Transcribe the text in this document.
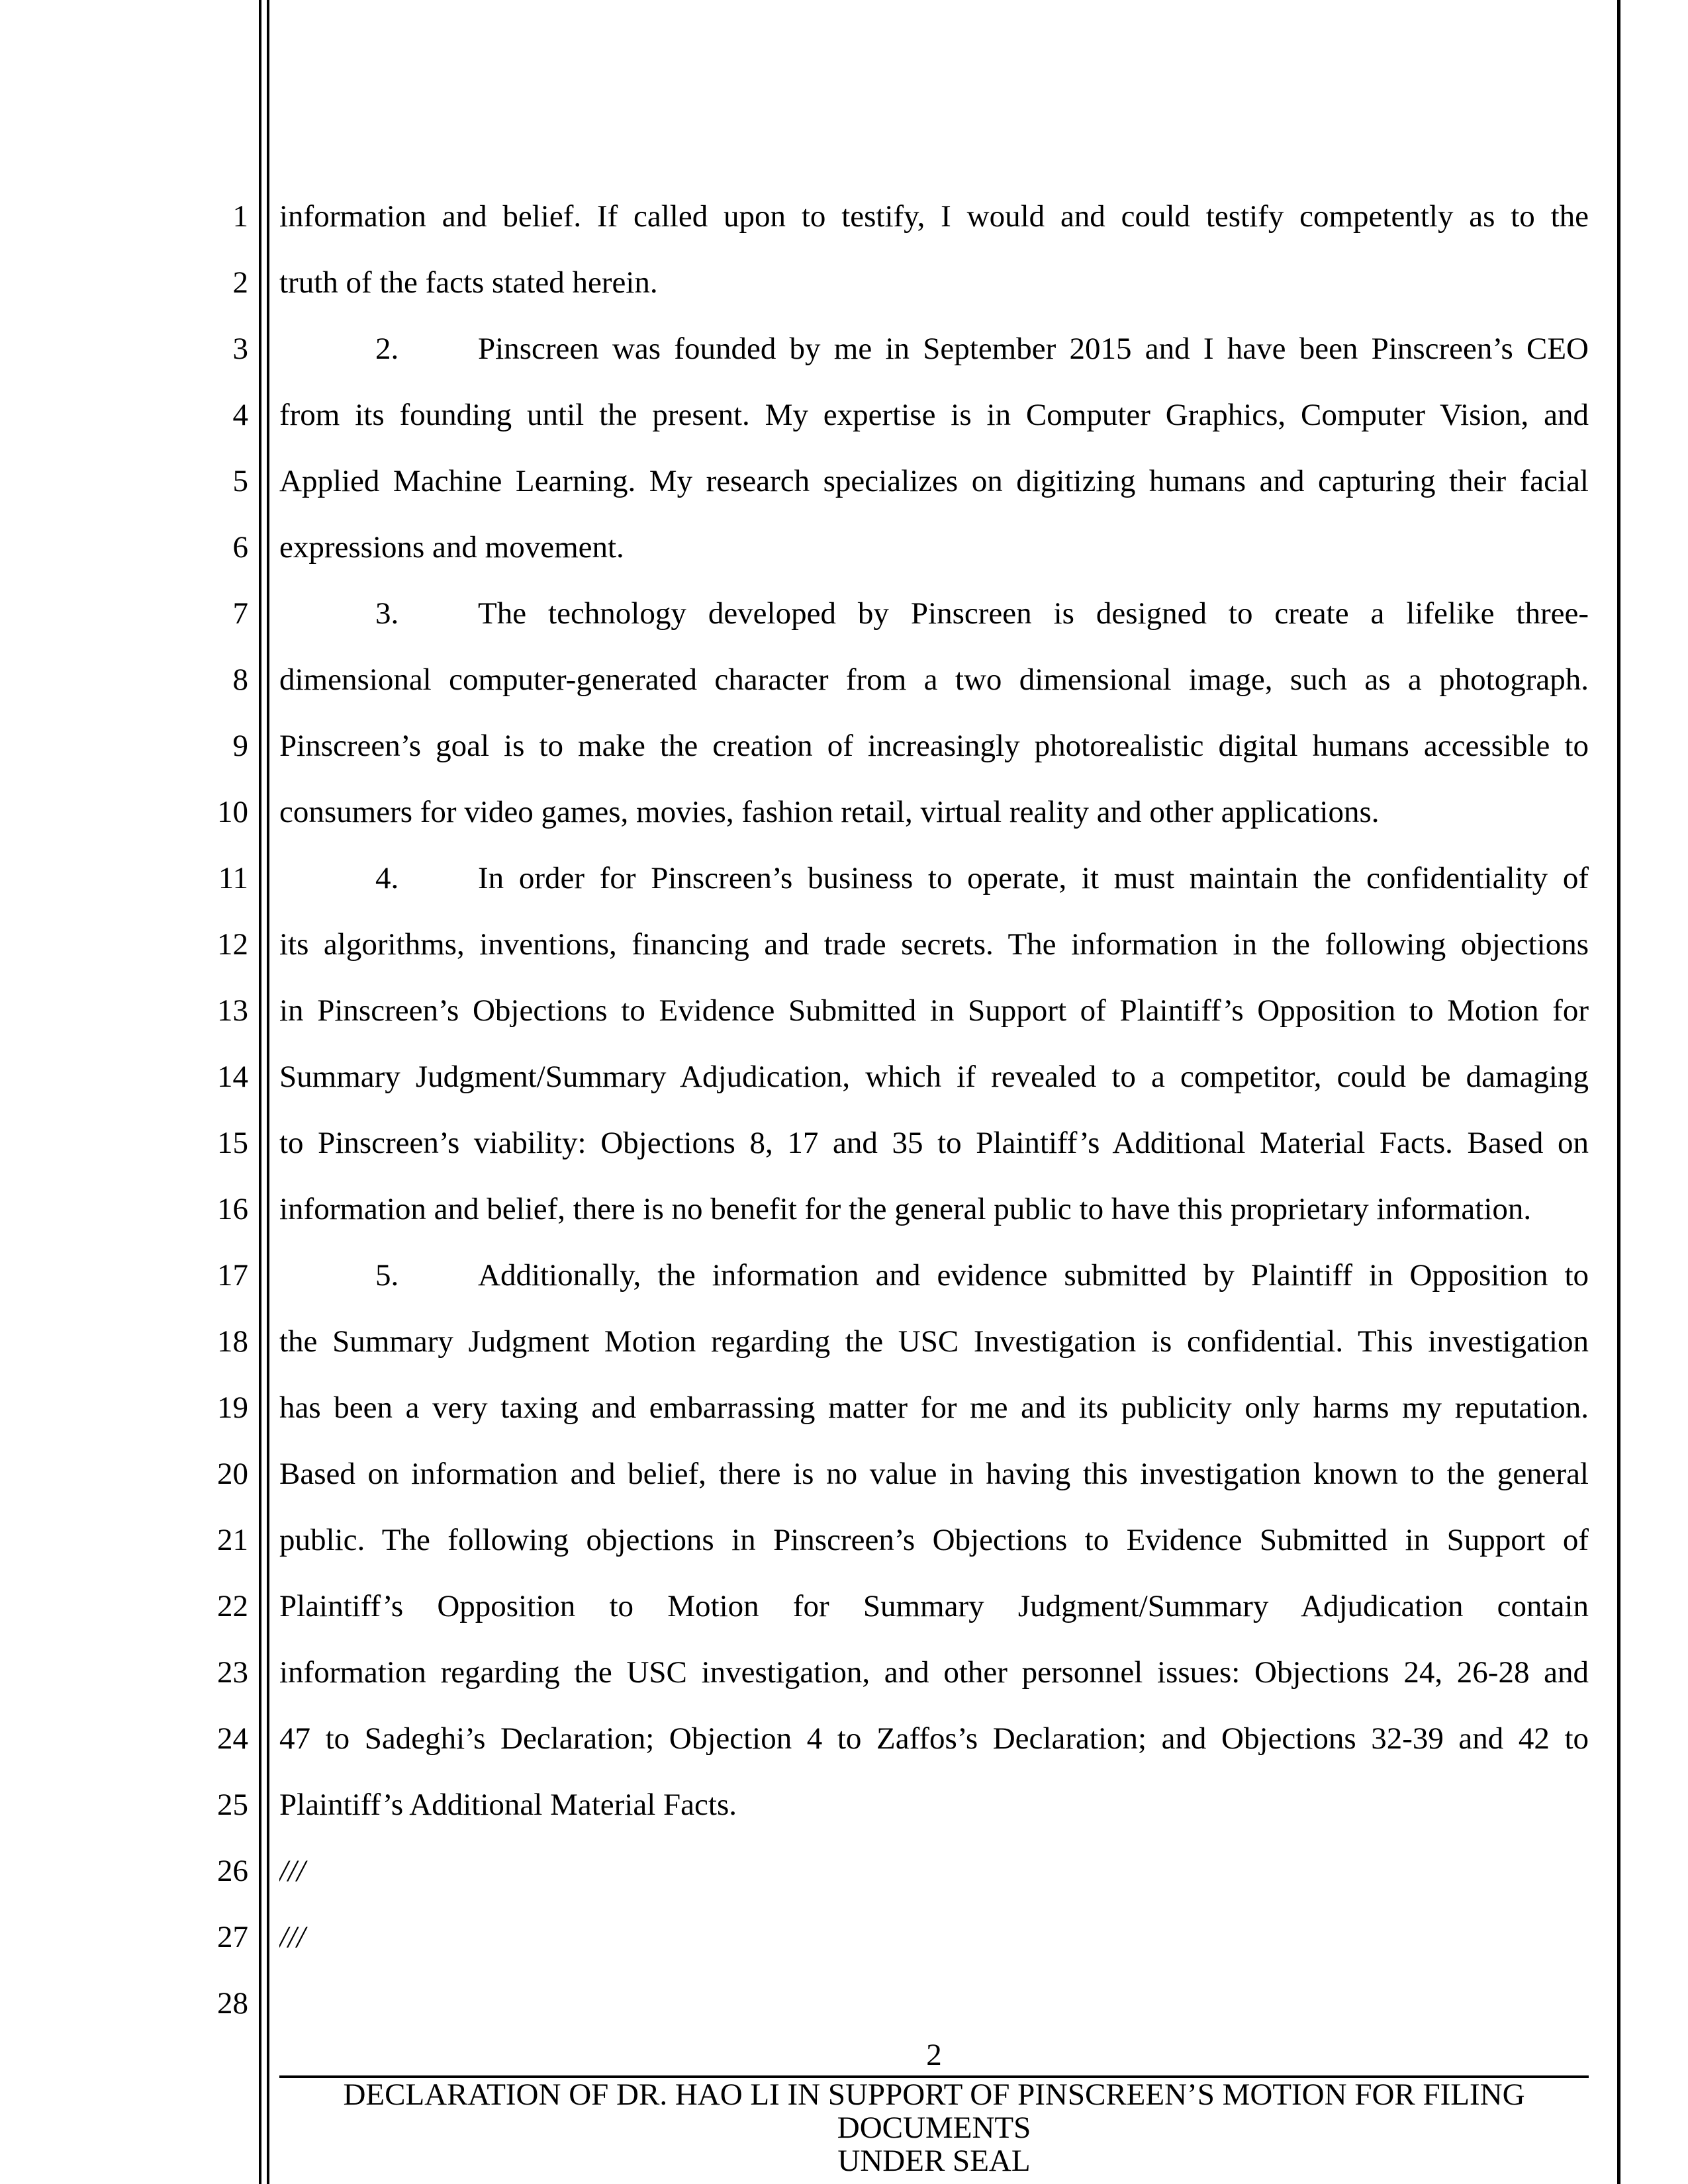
1 information and belief. If called upon to testify, I would and could testify competently as to the
2 truth of the facts stated herein.
3	2.	Pinscreen was founded by me in September 2015 and I have been Pinscreen’s CEO
4 from its founding until the present. My expertise is in Computer Graphics, Computer Vision, and
5 Applied Machine Learning. My research specializes on digitizing humans and capturing their facial
6 expressions and movement.
7	3.	The technology developed by Pinscreen is designed to create a lifelike three-
8 dimensional computer-generated character from a two dimensional image, such as a photograph.
9 Pinscreen’s goal is to make the creation of increasingly photorealistic digital humans accessible to
10 consumers for video games, movies, fashion retail, virtual reality and other applications.
11	4.	In order for Pinscreen’s business to operate, it must maintain the confidentiality of
12 its algorithms, inventions, financing and trade secrets. The information in the following objections
13 in Pinscreen’s Objections to Evidence Submitted in Support of Plaintiff’s Opposition to Motion for
14 Summary Judgment/Summary Adjudication, which if revealed to a competitor, could be damaging
15 to Pinscreen’s viability: Objections 8, 17 and 35 to Plaintiff’s Additional Material Facts. Based on
16 information and belief, there is no benefit for the general public to have this proprietary information.
17	5.	Additionally, the information and evidence submitted by Plaintiff in Opposition to
18 the Summary Judgment Motion regarding the USC Investigation is confidential. This investigation
19 has been a very taxing and embarrassing matter for me and its publicity only harms my reputation.
20 Based on information and belief, there is no value in having this investigation known to the general
21 public. The following objections in Pinscreen’s Objections to Evidence Submitted in Support of
22 Plaintiff’s Opposition to Motion for Summary Judgment/Summary Adjudication contain
23 information regarding the USC investigation, and other personnel issues: Objections 24, 26-28 and
24 47 to Sadeghi’s Declaration; Objection 4 to Zaffos’s Declaration; and Objections 32-39 and 42 to
25 Plaintiff’s Additional Material Facts.
26 ///
27 ///
28
2
DECLARATION OF DR. HAO LI IN SUPPORT OF PINSCREEN’S MOTION FOR FILING DOCUMENTS
UNDER SEAL
